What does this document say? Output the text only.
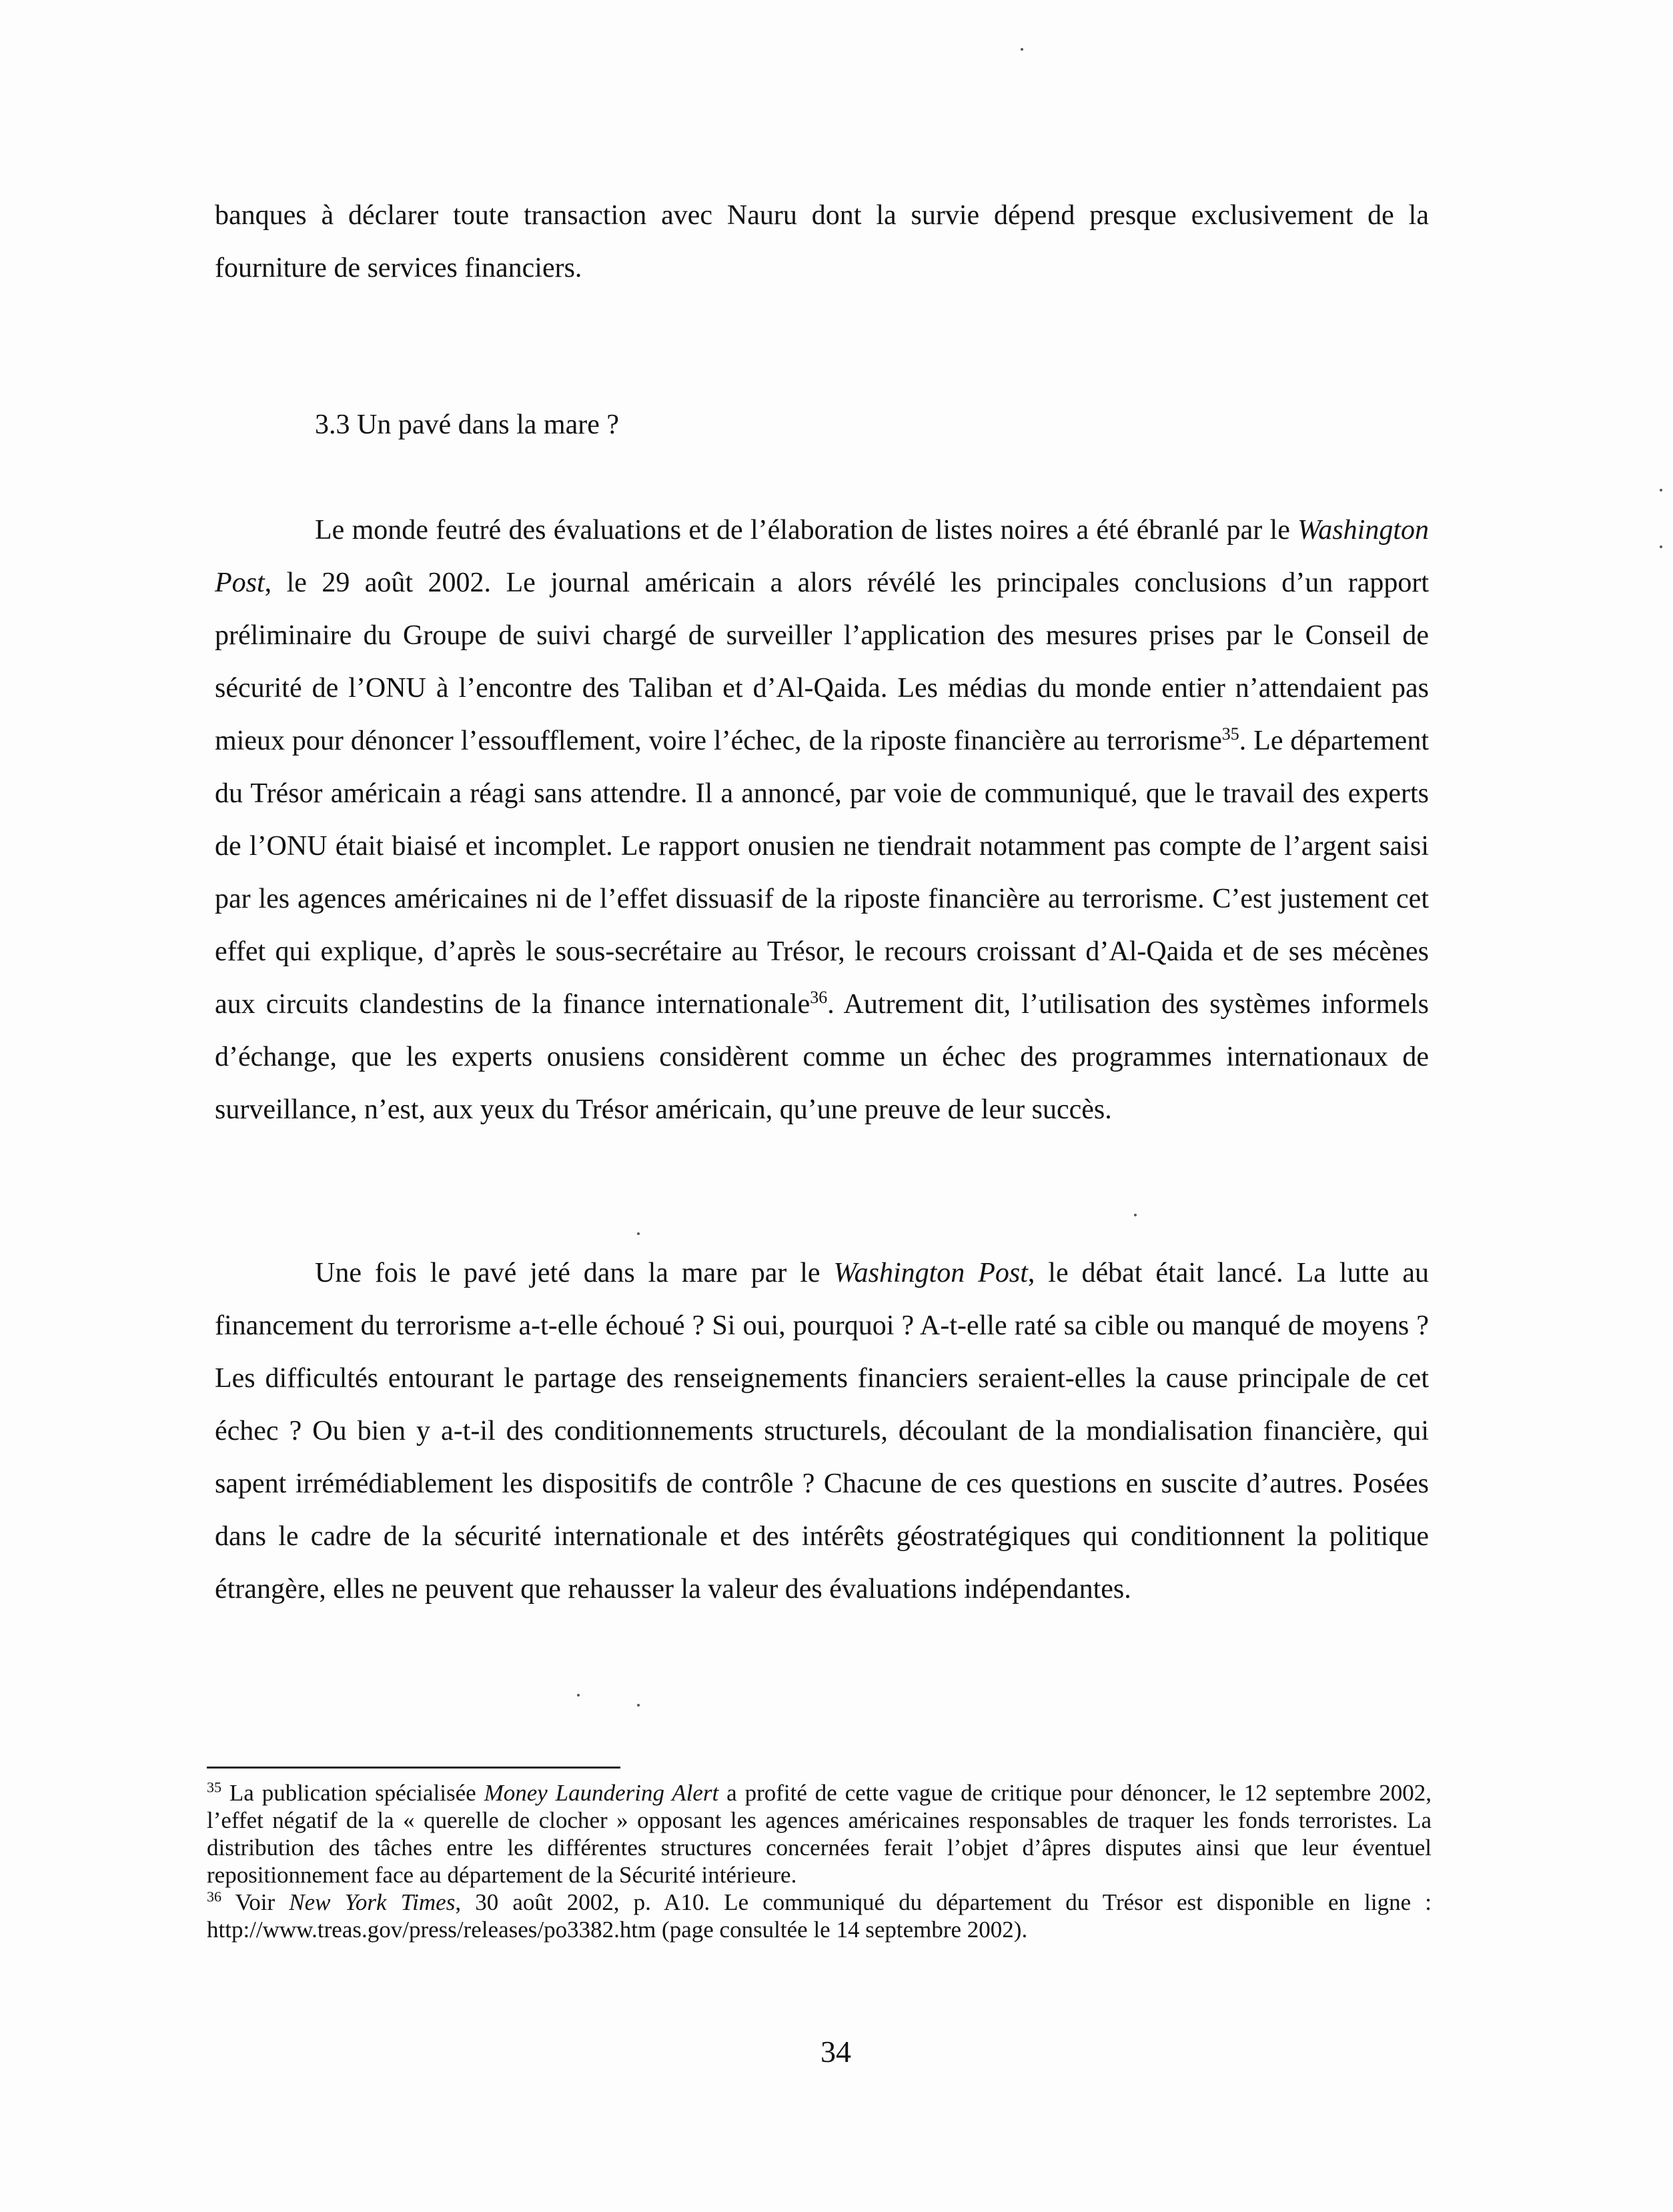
banques à déclarer toute transaction avec Nauru dont la survie dépend presque exclusivement de la fourniture de services financiers.

3.3 Un pavé dans la mare ?

Le monde feutré des évaluations et de l’élaboration de listes noires a été ébranlé par le Washington Post, le 29 août 2002. Le journal américain a alors révélé les principales conclusions d’un rapport préliminaire du Groupe de suivi chargé de surveiller l’application des mesures prises par le Conseil de sécurité de l’ONU à l’encontre des Taliban et d’Al-Qaida. Les médias du monde entier n’attendaient pas mieux pour dénoncer l’essoufflement, voire l’échec, de la riposte financière au terrorisme$^{35}$. Le département du Trésor américain a réagi sans attendre. Il a annoncé, par voie de communiqué, que le travail des experts de l’ONU était biaisé et incomplet. Le rapport onusien ne tiendrait notamment pas compte de l’argent saisi par les agences américaines ni de l’effet dissuasif de la riposte financière au terrorisme. C’est justement cet effet qui explique, d’après le sous-secrétaire au Trésor, le recours croissant d’Al-Qaida et de ses mécènes aux circuits clandestins de la finance internationale$^{36}$. Autrement dit, l’utilisation des systèmes informels d’échange, que les experts onusiens considèrent comme un échec des programmes internationaux de surveillance, n’est, aux yeux du Trésor américain, qu’une preuve de leur succès.

Une fois le pavé jeté dans la mare par le Washington Post, le débat était lancé. La lutte au financement du terrorisme a-t-elle échoué ? Si oui, pourquoi ? A-t-elle raté sa cible ou manqué de moyens ? Les difficultés entourant le partage des renseignements financiers seraient-elles la cause principale de cet échec ? Ou bien y a-t-il des conditionnements structurels, découlant de la mondialisation financière, qui sapent irrémédiablement les dispositifs de contrôle ? Chacune de ces questions en suscite d’autres. Posées dans le cadre de la sécurité internationale et des intérêts géostratégiques qui conditionnent la politique étrangère, elles ne peuvent que rehausser la valeur des évaluations indépendantes.

$^{35}$ La publication spécialisée Money Laundering Alert a profité de cette vague de critique pour dénoncer, le 12 septembre 2002, l’effet négatif de la « querelle de clocher » opposant les agences américaines responsables de traquer les fonds terroristes. La distribution des tâches entre les différentes structures concernées ferait l’objet d’âpres disputes ainsi que leur éventuel repositionnement face au département de la Sécurité intérieure.

$^{36}$ Voir New York Times, 30 août 2002, p. A10. Le communiqué du département du Trésor est disponible en ligne : http://www.treas.gov/press/releases/po3382.htm (page consultée le 14 septembre 2002).

34
